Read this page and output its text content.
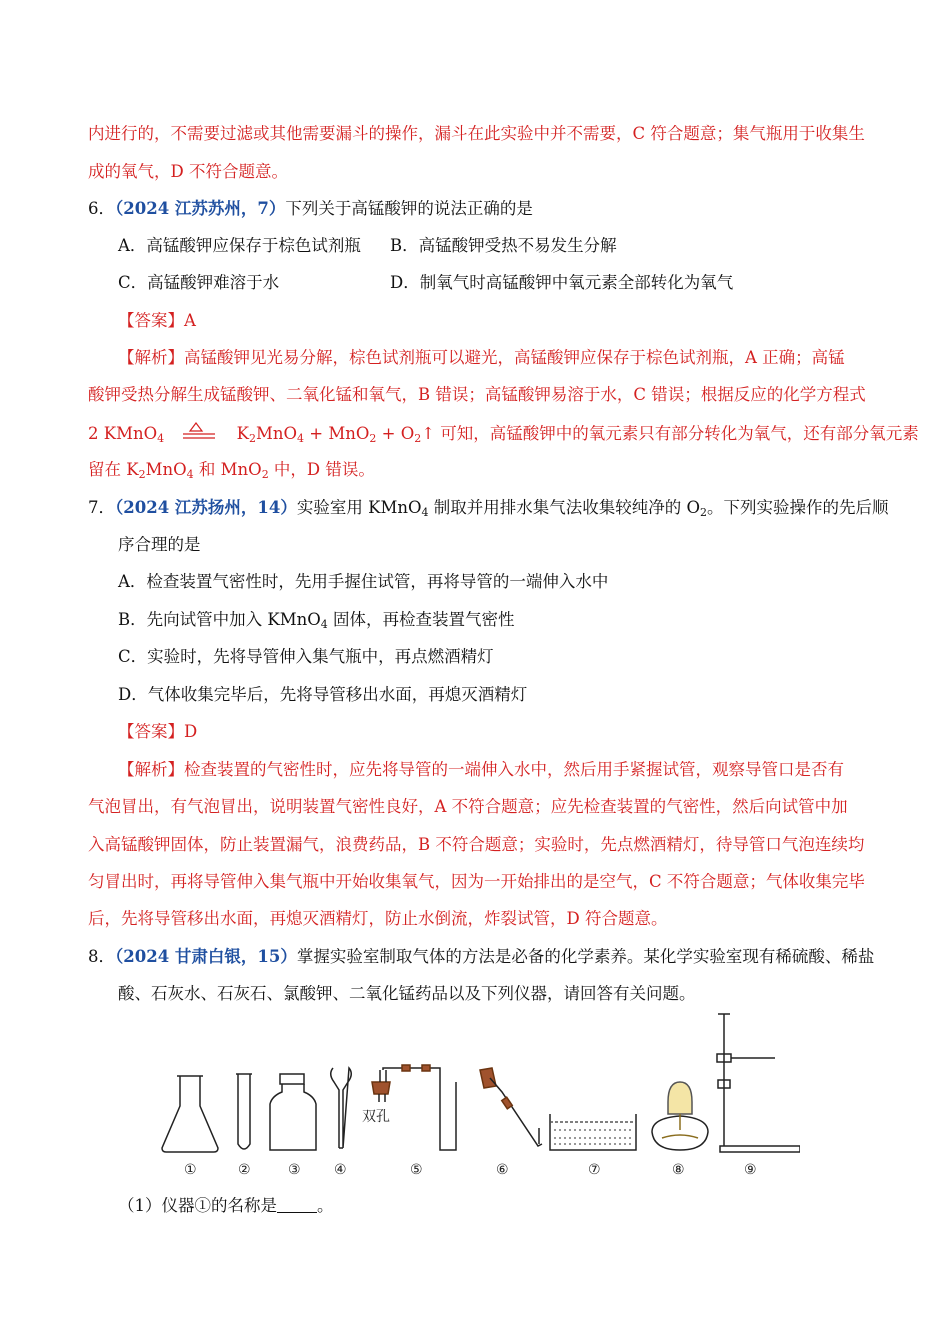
内进行的，不需要过滤或其他需要漏斗的操作，漏斗在此实验中并不需要，C 符合题意；集气瓶用于收集生
成的氧气，D 不符合题意。
6．（2024 江苏苏州，7）下列关于高锰酸钾的说法正确的是
A．高锰酸钾应保存于棕色试剂瓶 B．高锰酸钾受热不易发生分解
C．高锰酸钾难溶于水	D．制氧气时高锰酸钾中氧元素全部转化为氧气
【答案】A
【解析】高锰酸钾见光易分解，棕色试剂瓶可以避光，高锰酸钾应保存于棕色试剂瓶，A 正确；高锰
酸钾受热分解生成锰酸钾、二氧化锰和氧气，B 错误；高锰酸钾易溶于水，C 错误；根据反应的化学方程式
2 KMnO$_4$	$K_2MnO_4 + MnO_2$ + $O_2↑$ 可知，高锰酸钾中的氧元素只有部分转化为氧气，还有部分氧元素
留在 $K_2MnO_4$ 和 MnO$_2$ 中，D 错误。
7．（2024 江苏扬州，14）实验室用 KMnO$_4$ 制取并用排水集气法收集较纯净的 $O_2$。下列实验操作的先后顺
序合理的是
A．检查装置气密性时，先用手握住试管，再将导管的一端伸入水中
B．先向试管中加入 KMnO$_4$ 固体，再检查装置气密性
C．实验时，先将导管伸入集气瓶中，再点燃酒精灯
D．气体收集完毕后，先将导管移出水面，再熄灭酒精灯
【答案】D
【解析】检查装置的气密性时，应先将导管的一端伸入水中，然后用手紧握试管，观察导管口是否有
气泡冒出，有气泡冒出，说明装置气密性良好，A 不符合题意；应先检查装置的气密性，然后向试管中加
入高锰酸钾固体，防止装置漏气，浪费药品，B 不符合题意；实验时，先点燃酒精灯，待导管口气泡连续均
匀冒出时，再将导管伸入集气瓶中开始收集氧气，因为一开始排出的是空气，C 不符合题意；气体收集完毕
后，先将导管移出水面，再熄灭酒精灯，防止水倒流，炸裂试管，D 符合题意。
8．（2024 甘肃白银，15）掌握实验室制取气体的方法是必备的化学素养。某化学实验室现有稀硫酸、稀盐
酸、石灰水、石灰石、氯酸钾、二氧化锰药品以及下列仪器，请回答有关问题。
双孔
①	②	③ ④	⑤	⑥	⑦	⑧	⑨
（1）仪器①的名称是 。
